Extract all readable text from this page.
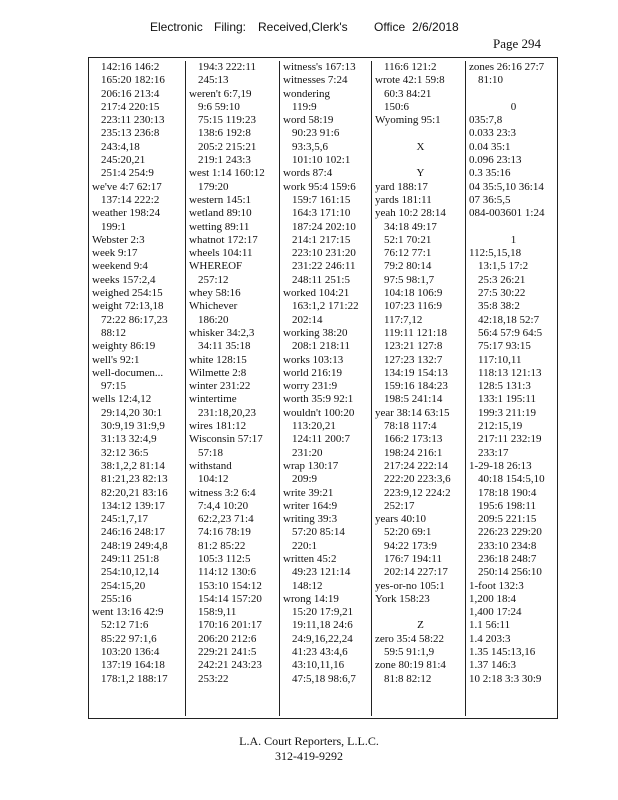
Electronic Filing: Received,Clerk's Office 2/6/2018
Page 294
142:16 146:2
165:20 182:16
206:16 213:4
217:4 220:15
223:11 230:13
235:13 236:8
243:4,18
245:20,21
251:4 254:9
we've 4:7 62:17
137:14 222:2
weather 198:24
199:1
Webster 2:3
week 9:17
weekend 9:4
weeks 157:2,4
weighed 254:15
weight 72:13,18
72:22 86:17,23
88:12
weighty 86:19
well's 92:1
well-documen...
97:15
wells 12:4,12
29:14,20 30:1
30:9,19 31:9,9
31:13 32:4,9
32:12 36:5
38:1,2,2 81:14
81:21,23 82:13
82:20,21 83:16
134:12 139:17
245:1,7,17
246:16 248:17
248:19 249:4,8
249:11 251:8
254:10,12,14
254:15,20
255:16
went 13:16 42:9
52:12 71:6
85:22 97:1,6
103:20 136:4
137:19 164:18
178:1,2 188:17
194:3 222:11
245:13
weren't 6:7,19
9:6 59:10
75:15 119:23
138:6 192:8
205:2 215:21
219:1 243:3
west 1:14 160:12
179:20
western 145:1
wetland 89:10
wetting 89:11
whatnot 172:17
wheels 104:11
WHEREOF
257:12
whey 58:16
Whichever
186:20
whisker 34:2,3
34:11 35:18
white 128:15
Wilmette 2:8
winter 231:22
wintertime
231:18,20,23
wires 181:12
Wisconsin 57:17
57:18
withstand
104:12
witness 3:2 6:4
7:4,4 10:20
62:2,23 71:4
74:16 78:19
81:2 85:22
105:3 112:5
114:12 130:6
153:10 154:12
154:14 157:20
158:9,11
170:16 201:17
206:20 212:6
229:21 241:5
242:21 243:23
253:22
witness's 167:13
witnesses 7:24
wondering
119:9
word 58:19
90:23 91:6
93:3,5,6
101:10 102:1
words 87:4
work 95:4 159:6
159:7 161:15
164:3 171:10
187:24 202:10
214:1 217:15
223:10 231:20
231:22 246:11
248:11 251:5
worked 104:21
163:1,2 171:22
202:14
working 38:20
208:1 218:11
works 103:13
world 216:19
worry 231:9
worth 35:9 92:1
wouldn't 100:20
113:20,21
124:11 200:7
231:20
wrap 130:17
209:9
write 39:21
writer 164:9
writing 39:3
57:20 85:14
220:1
written 45:2
49:23 121:14
148:12
wrong 14:19
15:20 17:9,21
19:11,18 24:6
24:9,16,22,24
41:23 43:4,6
43:10,11,16
47:5,18 98:6,7
116:6 121:2
wrote 42:1 59:8
60:3 84:21
150:6
Wyoming 95:1
X
Y
yard 188:17
yards 181:11
yeah 10:2 28:14
34:18 49:17
52:1 70:21
76:12 77:1
79:2 80:14
97:5 98:1,7
104:18 106:9
107:23 116:9
117:7,12
119:11 121:18
123:21 127:8
127:23 132:7
134:19 154:13
159:16 184:23
198:5 241:14
year 38:14 63:15
78:18 117:4
166:2 173:13
198:24 216:1
217:24 222:14
222:20 223:3,6
223:9,12 224:2
252:17
years 40:10
52:20 69:1
94:22 173:9
176:7 194:11
202:14 227:17
yes-or-no 105:1
York 158:23
Z
zero 35:4 58:22
59:5 91:1,9
zone 80:19 81:4
81:8 82:12
zones 26:16 27:7
81:10
0
035:7,8
0.033 23:3
0.04 35:1
0.096 23:13
0.3 35:16
04 35:5,10 36:14
07 36:5,5
084-003601 1:24
1
112:5,15,18
13:1,5 17:2
25:3 26:21
27:5 30:22
35:8 38:2
42:18,18 52:7
56:4 57:9 64:5
75:17 93:15
117:10,11
118:13 121:13
128:5 131:3
133:1 195:11
199:3 211:19
212:15,19
217:11 232:19
233:17
1-29-18 26:13
40:18 154:5,10
178:18 190:4
195:6 198:11
209:5 221:15
226:23 229:20
233:10 234:8
236:18 248:7
250:14 256:10
1-foot 132:3
1,200 18:4
1,400 17:24
1.1 56:11
1.4 203:3
1.35 145:13,16
1.37 146:3
10 2:18 3:3 30:9
L.A. Court Reporters, L.L.C.
312-419-9292
